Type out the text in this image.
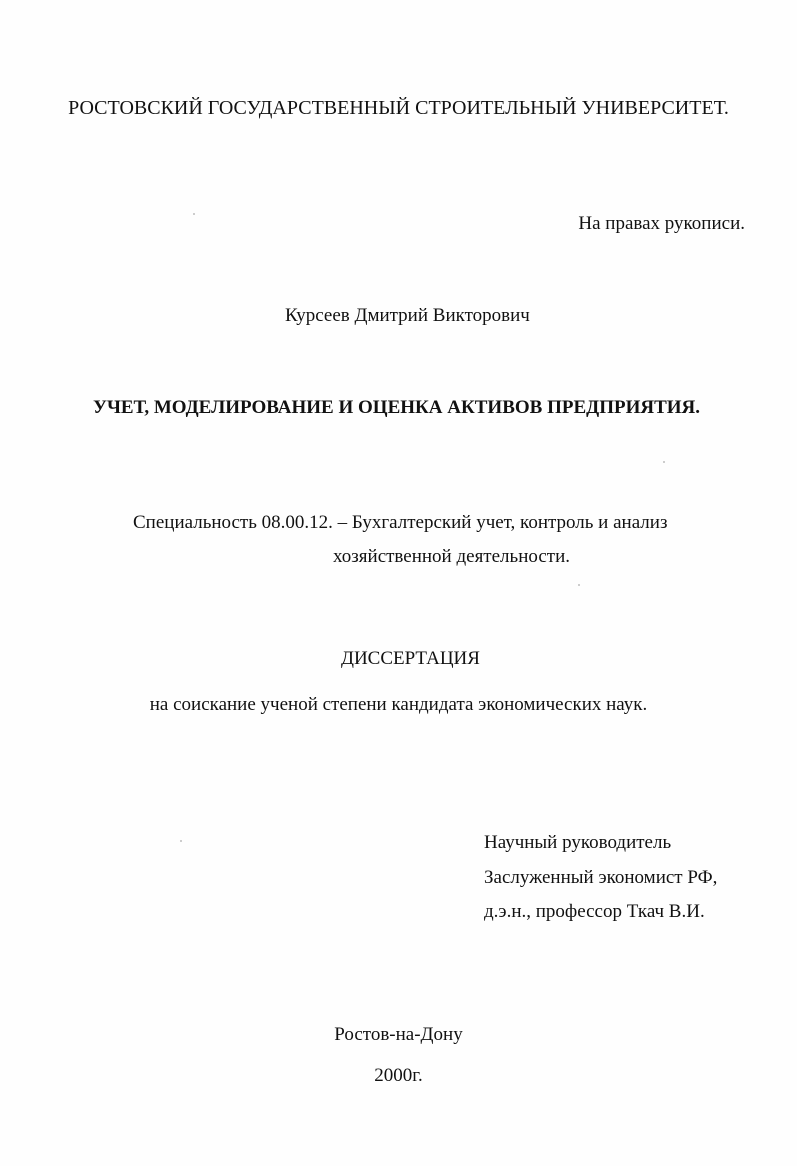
РОСТОВСКИЙ ГОСУДАРСТВЕННЫЙ СТРОИТЕЛЬНЫЙ УНИВЕРСИТЕТ.
На правах рукописи.
Курсеев Дмитрий Викторович
УЧЕТ, МОДЕЛИРОВАНИЕ И ОЦЕНКА АКТИВОВ ПРЕДПРИЯТИЯ.
Специальность 08.00.12. – Бухгалтерский учет, контроль и анализ
хозяйственной деятельности.
ДИССЕРТАЦИЯ
на соискание ученой степени кандидата экономических наук.
Научный руководитель
Заслуженный экономист РФ,
д.э.н., профессор Ткач В.И.
Ростов-на-Дону
2000г.
